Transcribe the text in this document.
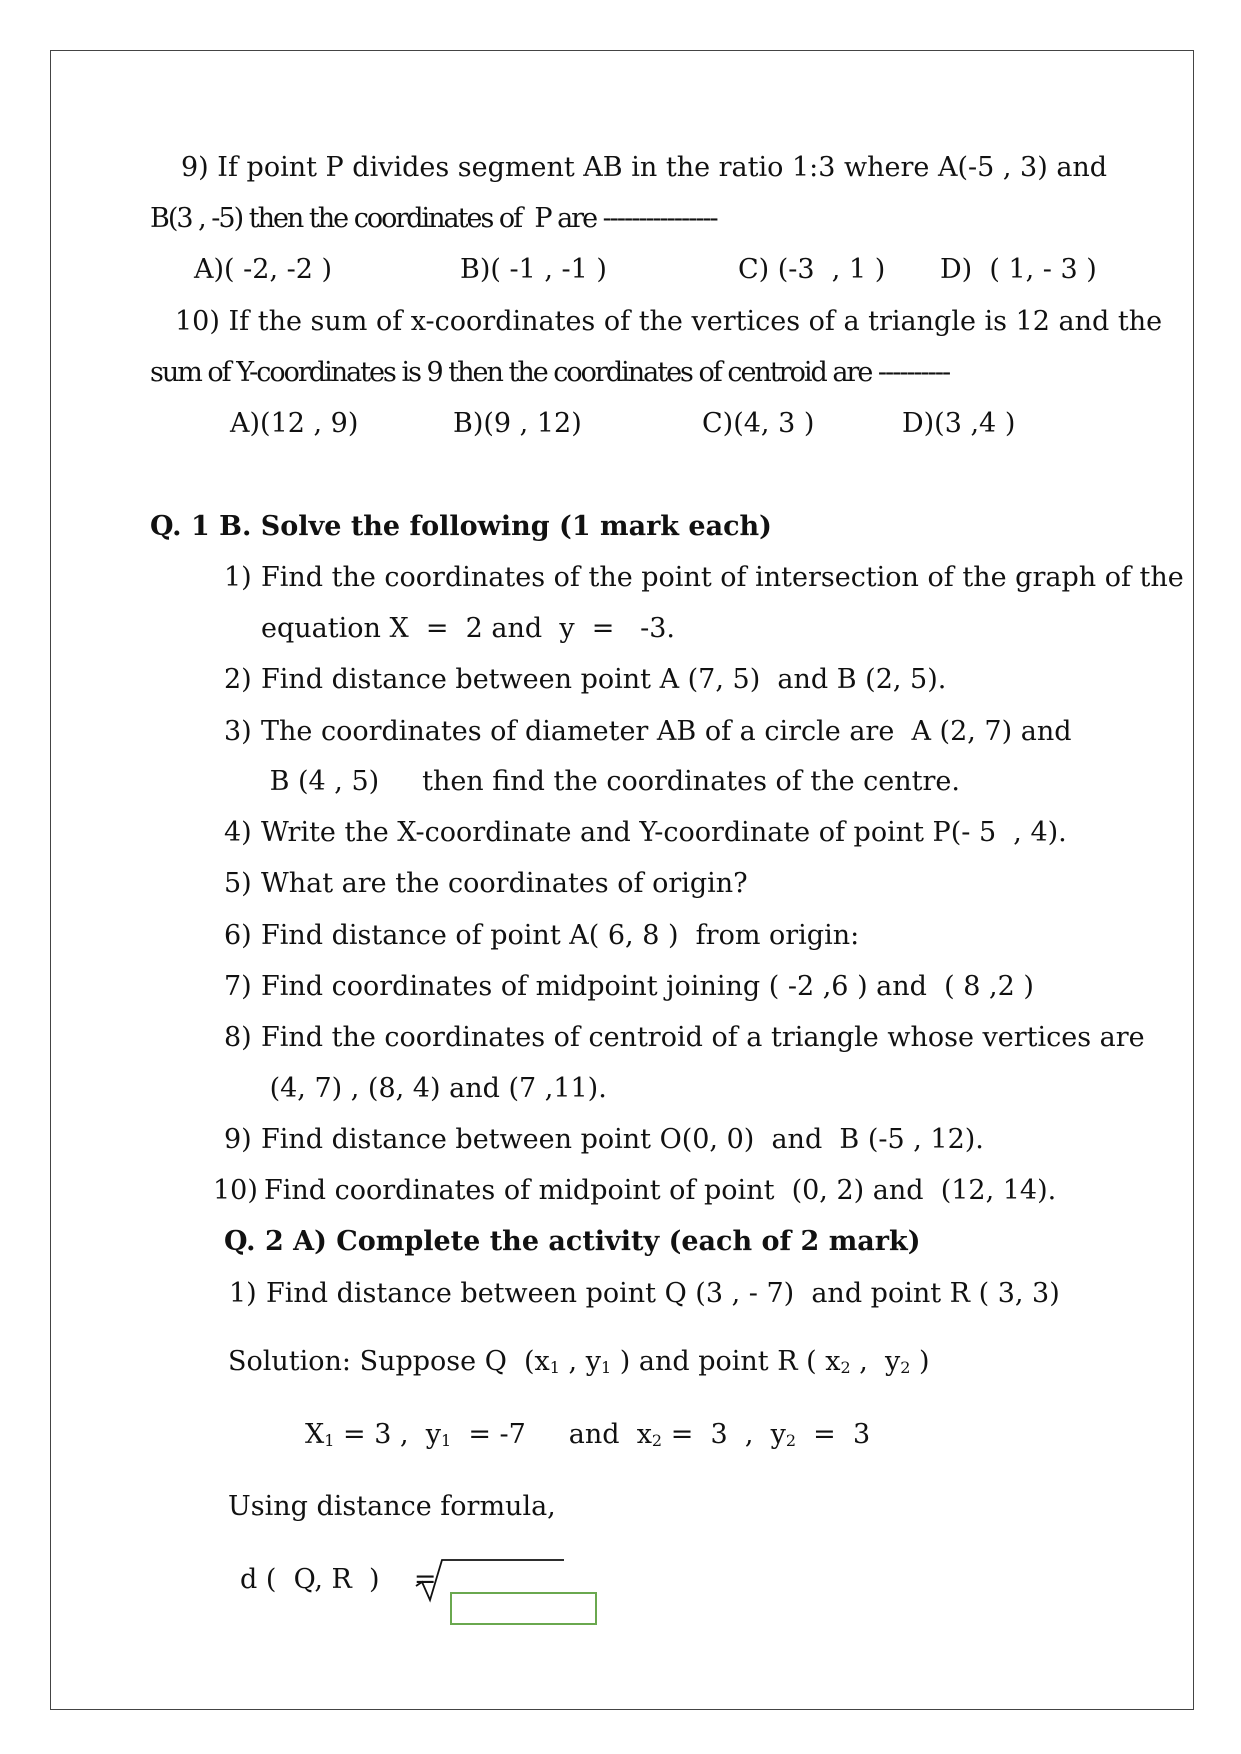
9) If point P divides segment AB in the ratio 1:3 where A(-5 , 3) and
B(3 , -5) then the coordinates of  P are ----------------
A)( -2, -2 )	B)( -1 , -1 )	C) (-3  , 1 ) D)  ( 1, - 3 )
10) If the sum of x-coordinates of the vertices of a triangle is 12 and the
sum of Y-coordinates is 9 then the coordinates of centroid are ----------
A)(12 , 9)	B)(9 , 12)	C)(4, 3 )	D)(3 ,4 )
Q. 1 B. Solve the following (1 mark each)
1) Find the coordinates of the point of intersection of the graph of the
equation X  =  2 and  y  =   -3.
2) Find distance between point A (7, 5)  and B (2, 5).
3) The coordinates of diameter AB of a circle are  A (2, 7) and
B (4 , 5)     then find the coordinates of the centre.
4) Write the X-coordinate and Y-coordinate of point P(- 5  , 4).
5) What are the coordinates of origin?
6) Find distance of point A( 6, 8 )  from origin:
7) Find coordinates of midpoint joining ( -2 ,6 ) and  ( 8 ,2 )
8) Find the coordinates of centroid of a triangle whose vertices are
(4, 7) , (8, 4) and (7 ,11).
9) Find distance between point O(0, 0)  and  B (-5 , 12).
10) Find coordinates of midpoint of point  (0, 2) and  (12, 14).
Q. 2 A) Complete the activity (each of 2 mark)
1) Find distance between point Q (3 , - 7)  and point R ( 3, 3)
Solution: Suppose Q  ($x_1$ , $y_1$ ) and point R ( $x_2$ ,  $y_2$ )
$X_1 = 3$ ,  $y_1 = -7$     and  $x_2 = 3$  ,  $y_2 = 3$
Using distance formula,
d (  Q, R  )    =
